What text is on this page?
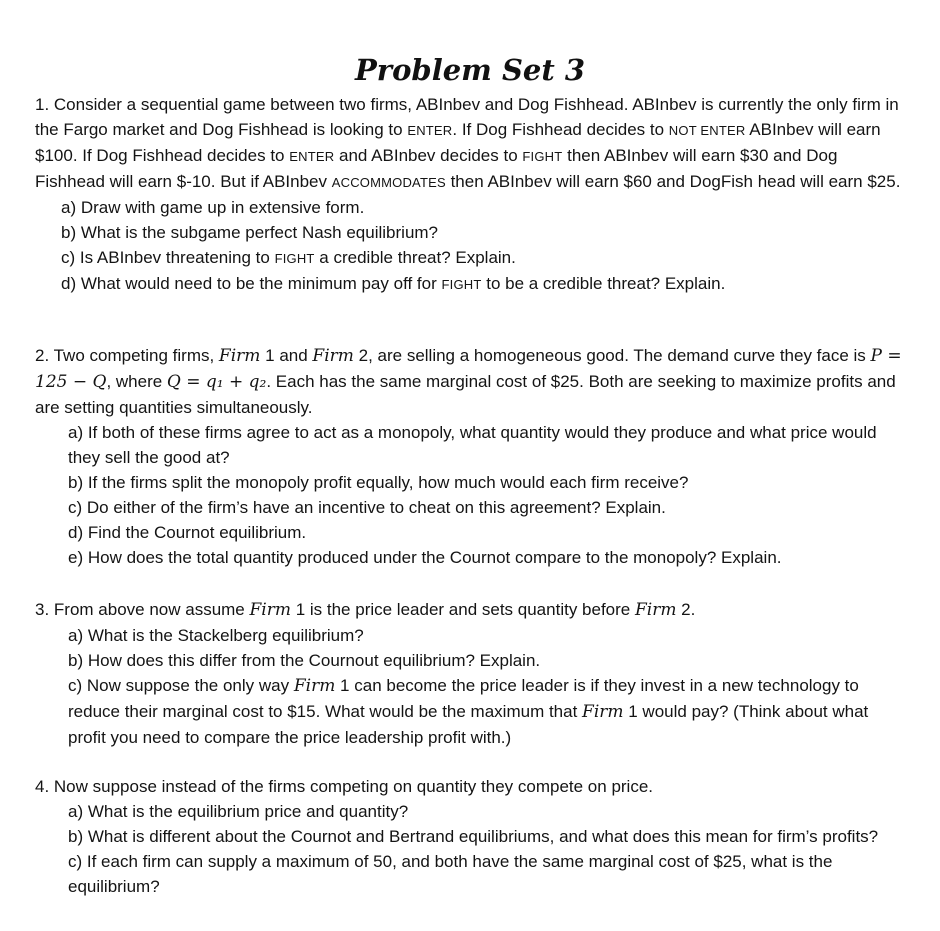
Problem Set 3

1. Consider a sequential game between two firms, ABInbev and Dog Fishhead. ABInbev is currently the only firm in the Fargo market and Dog Fishhead is looking to ENTER. If Dog Fishhead decides to NOT ENTER ABInbev will earn $100. If Dog Fishhead decides to ENTER and ABInbev decides to FIGHT then ABInbev will earn $30 and Dog Fishhead will earn $-10. But if ABInbev ACCOMMODATES then ABInbev will earn $60 and DogFish head will earn $25.

a) Draw with game up in extensive form.

b) What is the subgame perfect Nash equilibrium?

c) Is ABInbev threatening to FIGHT a credible threat? Explain.

d) What would need to be the minimum pay off for FIGHT to be a credible threat? Explain.

2. Two competing firms, Firm 1 and Firm 2, are selling a homogeneous good. The demand curve they face is P = 125 − Q, where Q = q₁ + q₂. Each has the same marginal cost of $25. Both are seeking to maximize profits and are setting quantities simultaneously.

a) If both of these firms agree to act as a monopoly, what quantity would they produce and what price would they sell the good at?

b) If the firms split the monopoly profit equally, how much would each firm receive?

c) Do either of the firm’s have an incentive to cheat on this agreement? Explain.

d) Find the Cournot equilibrium.

e) How does the total quantity produced under the Cournot compare to the monopoly? Explain.

3. From above now assume Firm 1 is the price leader and sets quantity before Firm 2.

a) What is the Stackelberg equilibrium?

b) How does this differ from the Cournout equilibrium? Explain.

c) Now suppose the only way Firm 1 can become the price leader is if they invest in a new technology to reduce their marginal cost to $15. What would be the maximum that Firm 1 would pay? (Think about what profit you need to compare the price leadership profit with.)

4. Now suppose instead of the firms competing on quantity they compete on price.

a) What is the equilibrium price and quantity?

b) What is different about the Cournot and Bertrand equilibriums, and what does this mean for firm’s profits?

c) If each firm can supply a maximum of 50, and both have the same marginal cost of $25, what is the equilibrium?
